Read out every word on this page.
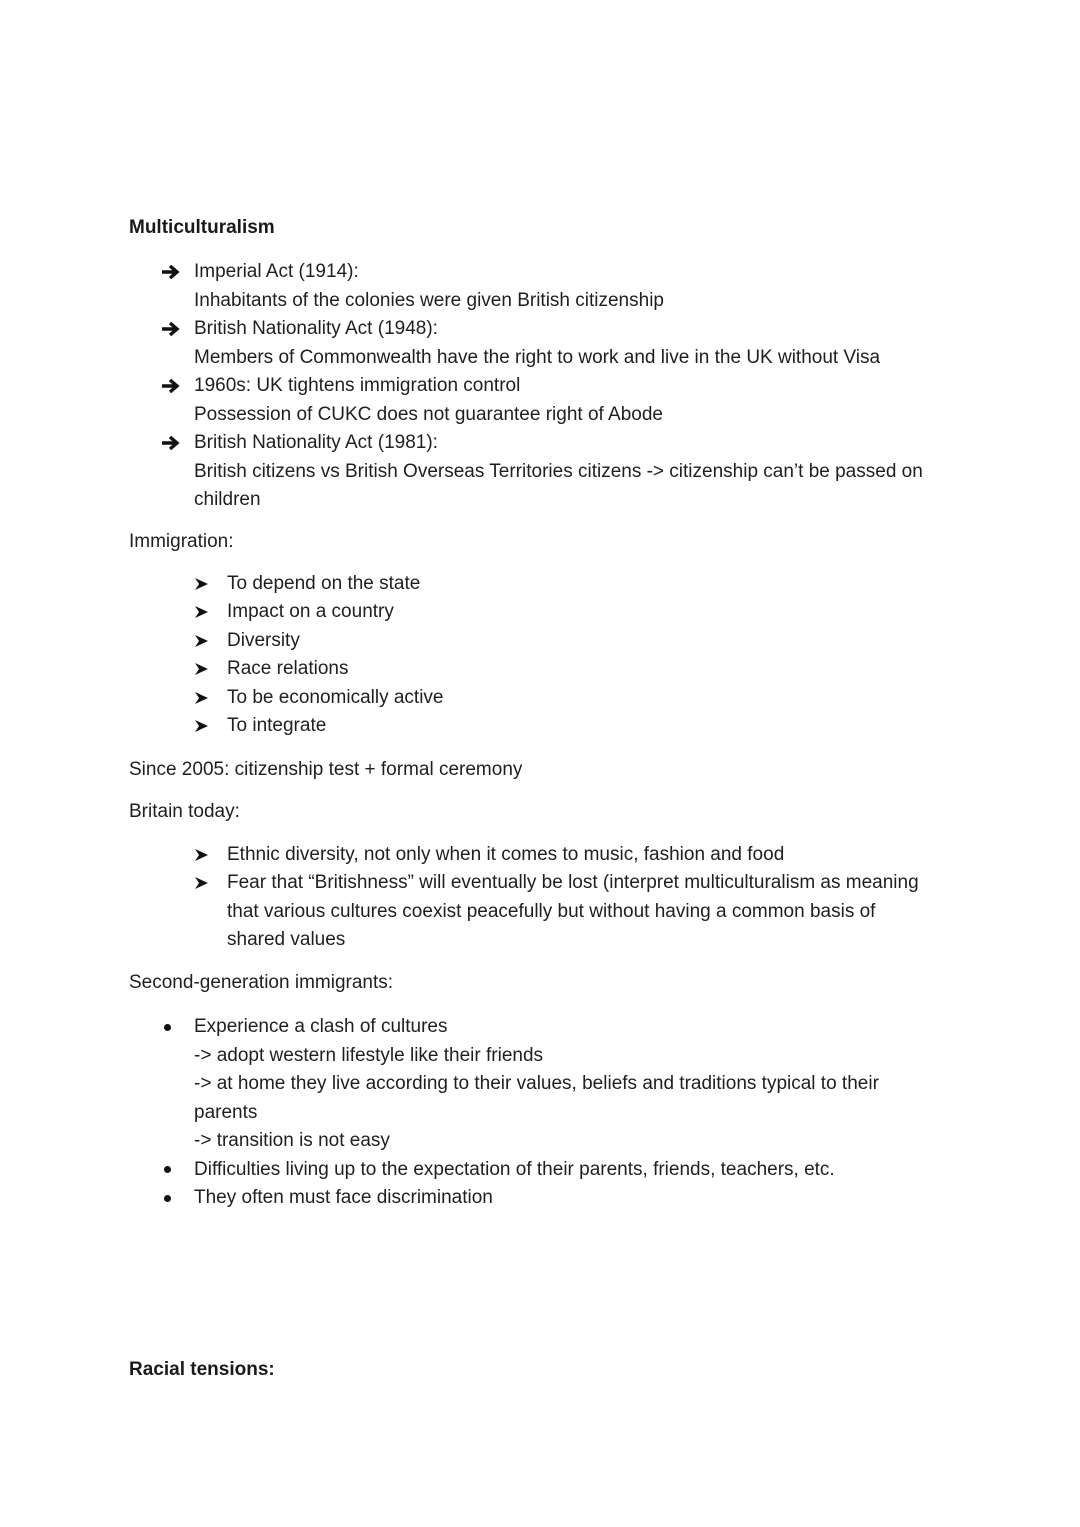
Multiculturalism
Imperial Act (1914):
Inhabitants of the colonies were given British citizenship
British Nationality Act (1948):
Members of Commonwealth have the right to work and live in the UK without Visa
1960s: UK tightens immigration control
Possession of CUKC does not guarantee right of Abode
British Nationality Act (1981):
British citizens vs British Overseas Territories citizens -> citizenship can’t be passed on children
Immigration:
To depend on the state
Impact on a country
Diversity
Race relations
To be economically active
To integrate
Since 2005: citizenship test + formal ceremony
Britain today:
Ethnic diversity, not only when it comes to music, fashion and food
Fear that “Britishness” will eventually be lost (interpret multiculturalism as meaning that various cultures coexist peacefully but without having a common basis of shared values
Second-generation immigrants:
Experience a clash of cultures
-> adopt western lifestyle like their friends
-> at home they live according to their values, beliefs and traditions typical to their parents
-> transition is not easy
Difficulties living up to the expectation of their parents, friends, teachers, etc.
They often must face discrimination
Racial tensions:
